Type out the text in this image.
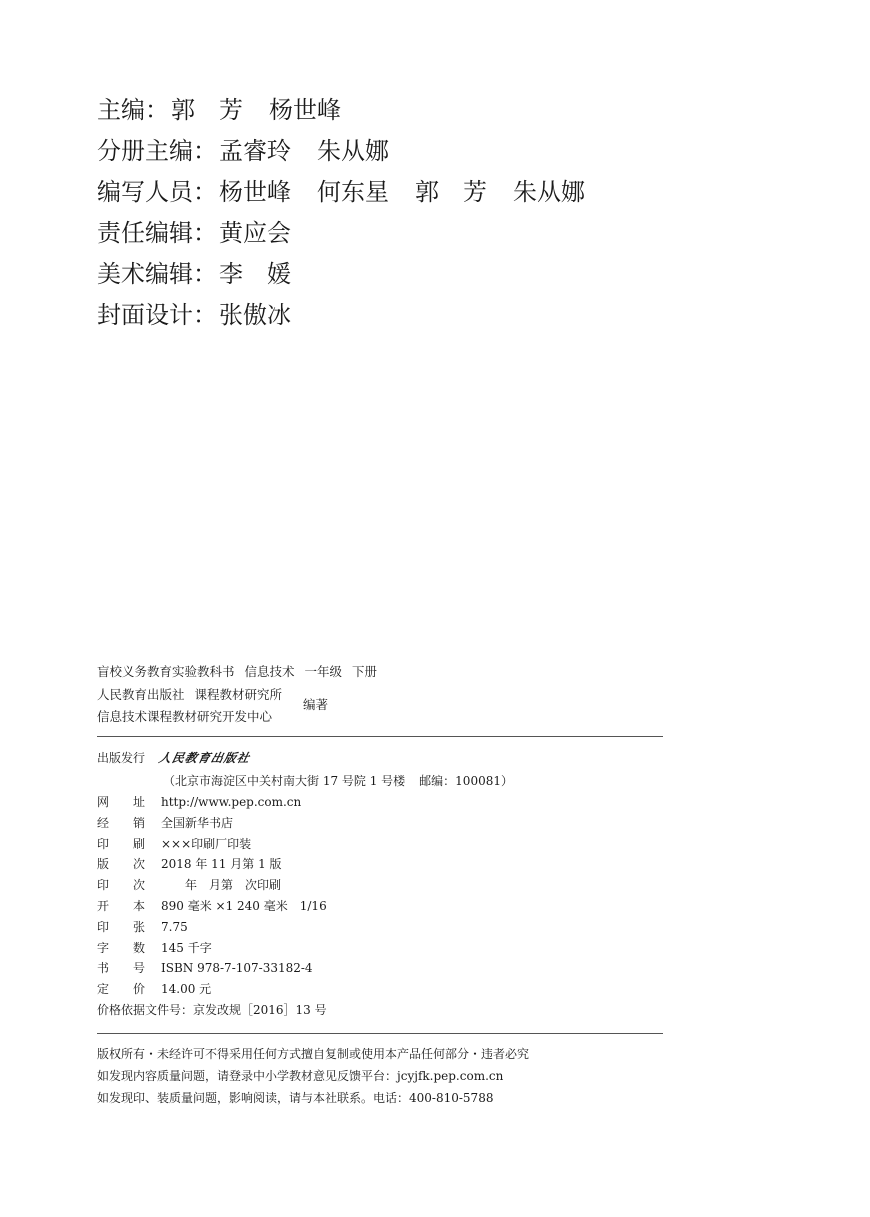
主编：郭　芳 杨世峰
分册主编：孟睿玲 朱从娜
编写人员：杨世峰 何东星 郭　芳 朱从娜
责任编辑：黄应会
美术编辑：李　媛
封面设计：张傲冰
盲校义务教育实验教科书 信息技术 一年级 下册
人民教育出版社 课程教材研究所
信息技术课程教材研究开发中心
编著
出版发行 人民教育出版社
（北京市海淀区中关村南大街 17 号院 1 号楼 邮编：100081）
网　　址 http://www.pep.com.cn
经　　销 全国新华书店
印　　刷 ×××印刷厂印装
版　　次 2018 年 11 月第 1 版
印　　次　　年　月第　次印刷
开　　本 890 毫米 ×1 240 毫米　1/16
印　　张 7.75
字　　数 145 千字
书　　号 ISBN 978-7-107-33182-4
定　　价 14.00 元
价格依据文件号：京发改规［2016］13 号
版权所有・未经许可不得采用任何方式擅自复制或使用本产品任何部分・违者必究
如发现内容质量问题，请登录中小学教材意见反馈平台：jcyjfk.pep.com.cn
如发现印、装质量问题，影响阅读，请与本社联系。电话：400-810-5788
